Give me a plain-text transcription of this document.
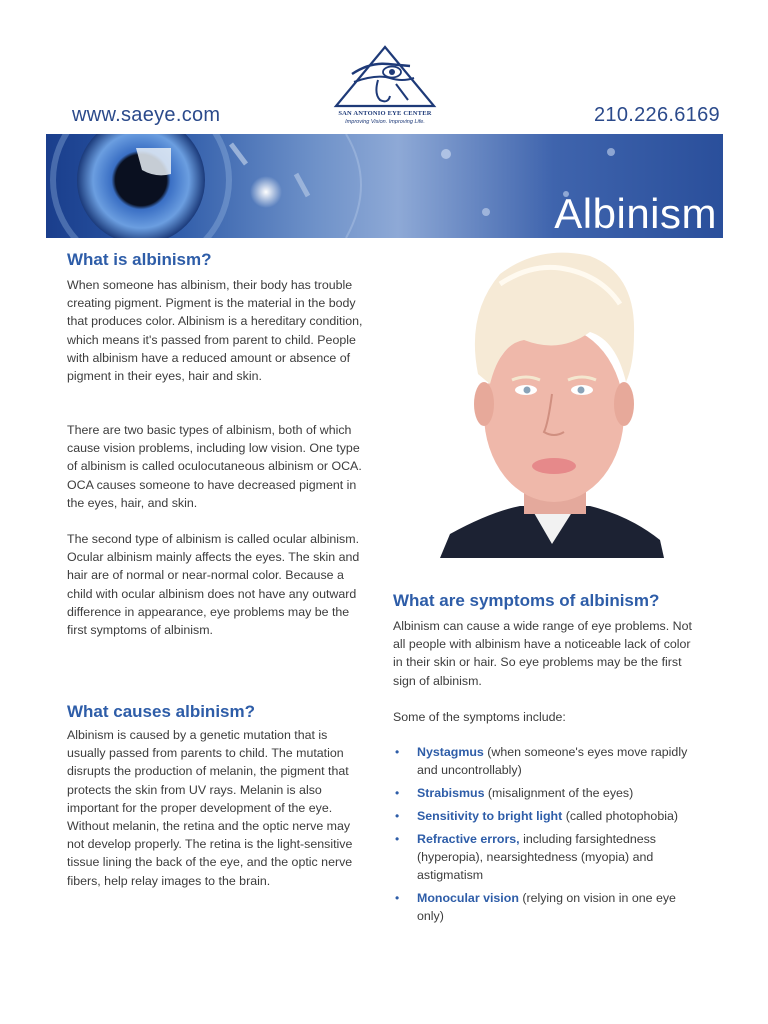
www.saeye.com	210.226.6169
SAN ANTONIO EYE CENTER
Improving Vision. Improving Life.
Albinism
What is albinism?

When someone has albinism, their body has trouble creating pigment. Pigment is the material in the body that produces color. Albinism is a hereditary condition, which means it's passed from parent to child. People with albinism have a reduced amount or absence of pigment in their eyes, hair and skin.

There are two basic types of albinism, both of which cause vision problems, including low vision. One type of albinism is called oculocutaneous albinism or OCA. OCA causes someone to have decreased pigment in the eyes, hair, and skin.

The second type of albinism is called ocular albinism. Ocular albinism mainly affects the eyes. The skin and hair are of normal or near-normal color. Because a child with ocular albinism does not have any outward difference in appearance, eye problems may be the first symptoms of albinism.

What causes albinism?

Albinism is caused by a genetic mutation that is usually passed from parents to child. The mutation disrupts the production of melanin, the pigment that protects the skin from UV rays. Melanin is also important for the proper development of the eye. Without melanin, the retina and the optic nerve may not develop properly. The retina is the light-sensitive tissue lining the back of the eye, and the optic nerve fibers, help relay images to the brain.

What are symptoms of albinism?

Albinism can cause a wide range of eye problems. Not all people with albinism have a noticeable lack of color in their skin or hair. So eye problems may be the first sign of albinism.

Some of the symptoms include:

• Nystagmus (when someone's eyes move rapidly and uncontrollably)
• Strabismus (misalignment of the eyes)
• Sensitivity to bright light (called photophobia)
• Refractive errors, including farsightedness (hyperopia), nearsightedness (myopia) and astigmatism
• Monocular vision (relying on vision in one eye only)
